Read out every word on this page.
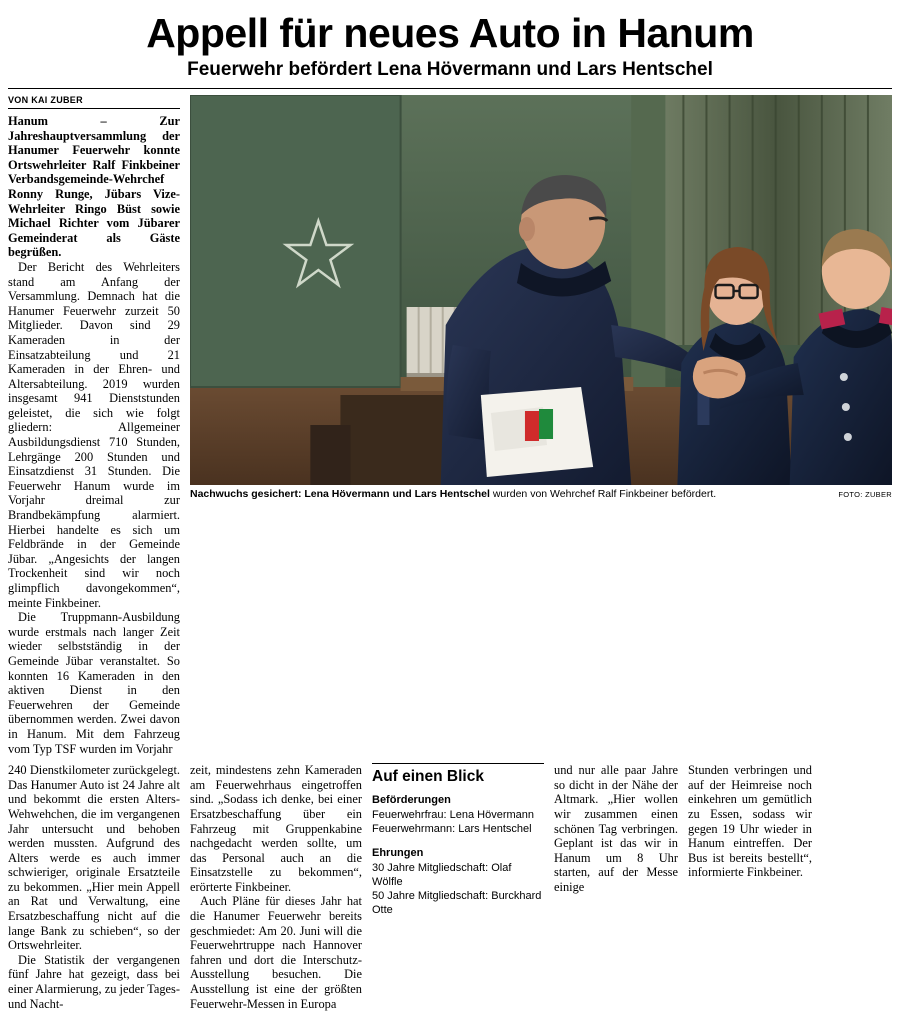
Appell für neues Auto in Hanum
Feuerwehr befördert Lena Hövermann und Lars Hentschel
VON KAI ZUBER

Hanum – Zur Jahreshauptversammlung der Hanumer Feuerwehr konnte Ortswehrleiter Ralf Finkbeiner Verbandsgemeinde-Wehrchef Ronny Runge, Jübars Vize-Wehrleiter Ringo Büst sowie Michael Richter vom Jübarer Gemeinderat als Gäste begrüßen.

Der Bericht des Wehrleiters stand am Anfang der Versammlung. Demnach hat die Hanumer Feuerwehr zurzeit 50 Mitglieder. Davon sind 29 Kameraden in der Einsatzabteilung und 21 Kameraden in der Ehren- und Altersabteilung. 2019 wurden insgesamt 941 Dienststunden geleistet, die sich wie folgt gliedern: Allgemeiner Ausbildungsdienst 710 Stunden, Lehrgänge 200 Stunden und Einsatzdienst 31 Stunden. Die Feuerwehr Hanum wurde im Vorjahr dreimal zur Brandbekämpfung alarmiert. Hierbei handelte es sich um Feldbrände in der Gemeinde Jübar. „Angesichts der langen Trockenheit sind wir noch glimpflich davongekommen“, meinte Finkbeiner.

Die Truppmann-Ausbildung wurde erstmals nach langer Zeit wieder selbstständig in der Gemeinde Jübar veranstaltet. So konnten 16 Kameraden in den aktiven Dienst in den Feuerwehren der Gemeinde übernommen werden. Zwei davon in Hanum. Mit dem Fahrzeug vom Typ TSF wurden im Vorjahr

Nachwuchs gesichert: Lena Hövermann und Lars Hentschel wurden von Wehrchef Ralf Finkbeiner befördert.	FOTO: ZUBER

240 Dienstkilometer zurückgelegt. Das Hanumer Auto ist 24 Jahre alt und bekommt die ersten Alters-Wehwehchen, die im vergangenen Jahr untersucht und behoben werden mussten. Aufgrund des Alters werde es auch immer schwieriger, originale Ersatzteile zu bekommen. „Hier mein Appell an Rat und Verwaltung, eine Ersatzbeschaffung nicht auf die lange Bank zu schieben“, so der Ortswehrleiter.

Die Statistik der vergangenen fünf Jahre hat gezeigt, dass bei einer Alarmierung, zu jeder Tages- und Nacht-

zeit, mindestens zehn Kameraden am Feuerwehrhaus eingetroffen sind. „Sodass ich denke, bei einer Ersatzbeschaffung über ein Fahrzeug mit Gruppenkabine nachgedacht werden sollte, um das Personal auch an die Einsatzstelle zu bekommen“, erörterte Finkbeiner.

Auch Pläne für dieses Jahr hat die Hanumer Feuerwehr bereits geschmiedet: Am 20. Juni will die Feuerwehrtruppe nach Hannover fahren und dort die Interschutz-Ausstellung besuchen. Die Ausstellung ist eine der größten Feuerwehr-Messen in Europa

Auf einen Blick
Beförderungen

Feuerwehrfrau: Lena Hövermann

Feuerwehrmann: Lars Hentschel

Ehrungen

30 Jahre Mitgliedschaft: Olaf Wölfle

50 Jahre Mitgliedschaft: Burckhard Otte

und nur alle paar Jahre so dicht in der Nähe der Altmark. „Hier wollen wir zusammen einen schönen Tag verbringen. Geplant ist das wir in Hanum um 8 Uhr starten, auf der Messe einige

Stunden verbringen und auf der Heimreise noch einkehren um gemütlich zu Essen, sodass wir gegen 19 Uhr wieder in Hanum eintreffen. Der Bus ist bereits bestellt“, informierte Finkbeiner.
